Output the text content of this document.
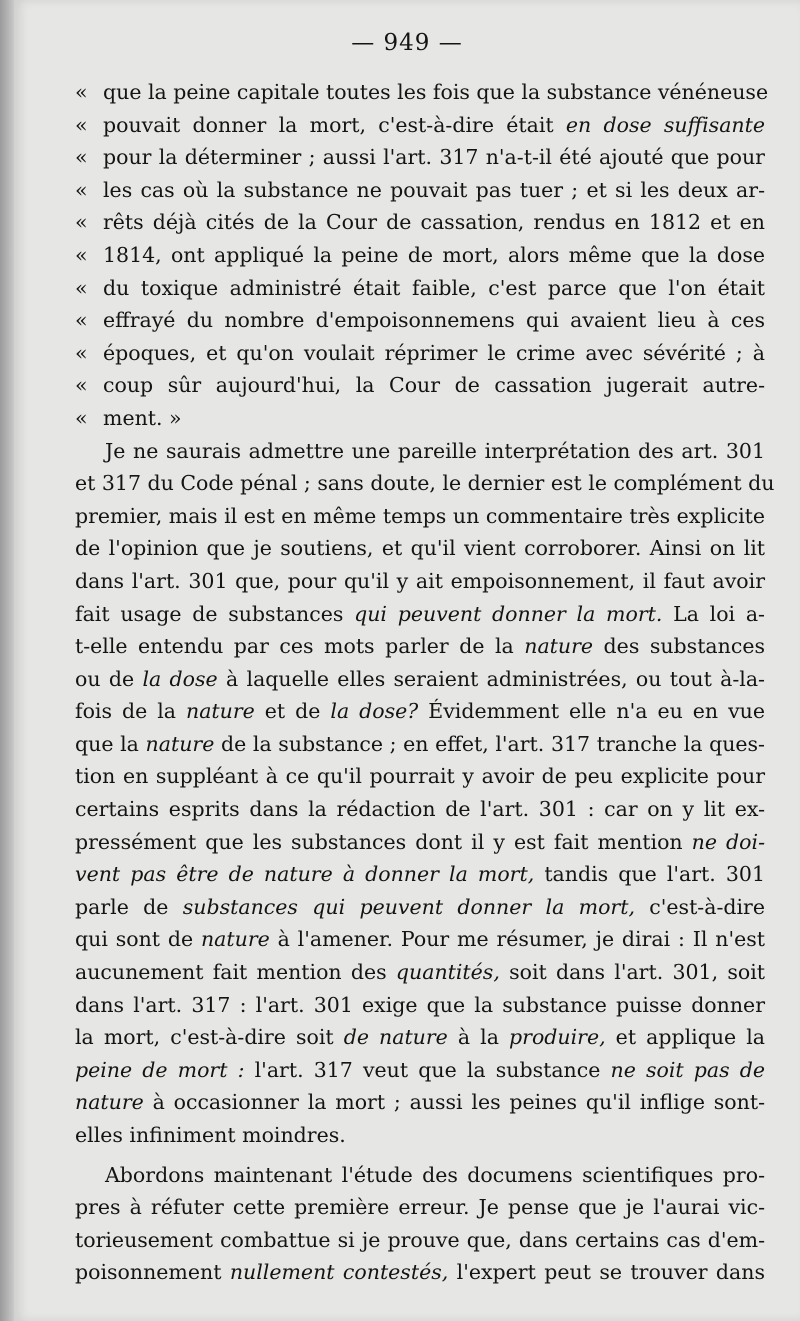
— 949 —
« que la peine capitale toutes les fois que la substance vénéneuse
« pouvait donner la mort, c'est-à-dire était en dose suffisante
« pour la déterminer ; aussi l'art. 317 n'a-t-il été ajouté que pour
« les cas où la substance ne pouvait pas tuer ; et si les deux ar-
« rêts déjà cités de la Cour de cassation, rendus en 1812 et en
« 1814, ont appliqué la peine de mort, alors même que la dose
« du toxique administré était faible, c'est parce que l'on était
« effrayé du nombre d'empoisonnemens qui avaient lieu à ces
« époques, et qu'on voulait réprimer le crime avec sévérité ; à
« coup sûr aujourd'hui, la Cour de cassation jugerait autre-
« ment. »
Je ne saurais admettre une pareille interprétation des art. 301
et 317 du Code pénal ; sans doute, le dernier est le complément du
premier, mais il est en même temps un commentaire très explicite
de l'opinion que je soutiens, et qu'il vient corroborer. Ainsi on lit
dans l'art. 301 que, pour qu'il y ait empoisonnement, il faut avoir
fait usage de substances qui peuvent donner la mort. La loi a-
t-elle entendu par ces mots parler de la nature des substances
ou de la dose à laquelle elles seraient administrées, ou tout à-la-
fois de la nature et de la dose? Évidemment elle n'a eu en vue
que la nature de la substance ; en effet, l'art. 317 tranche la ques-
tion en suppléant à ce qu'il pourrait y avoir de peu explicite pour
certains esprits dans la rédaction de l'art. 301 : car on y lit ex-
pressément que les substances dont il y est fait mention ne doi-
vent pas être de nature à donner la mort, tandis que l'art. 301
parle de substances qui peuvent donner la mort, c'est-à-dire
qui sont de nature à l'amener. Pour me résumer, je dirai : Il n'est
aucunement fait mention des quantités, soit dans l'art. 301, soit
dans l'art. 317 : l'art. 301 exige que la substance puisse donner
la mort, c'est-à-dire soit de nature à la produire, et applique la
peine de mort : l'art. 317 veut que la substance ne soit pas de
nature à occasionner la mort ; aussi les peines qu'il inflige sont-
elles infiniment moindres.
Abordons maintenant l'étude des documens scientifiques pro-
pres à réfuter cette première erreur. Je pense que je l'aurai vic-
torieusement combattue si je prouve que, dans certains cas d'em-
poisonnement nullement contestés, l'expert peut se trouver dans
